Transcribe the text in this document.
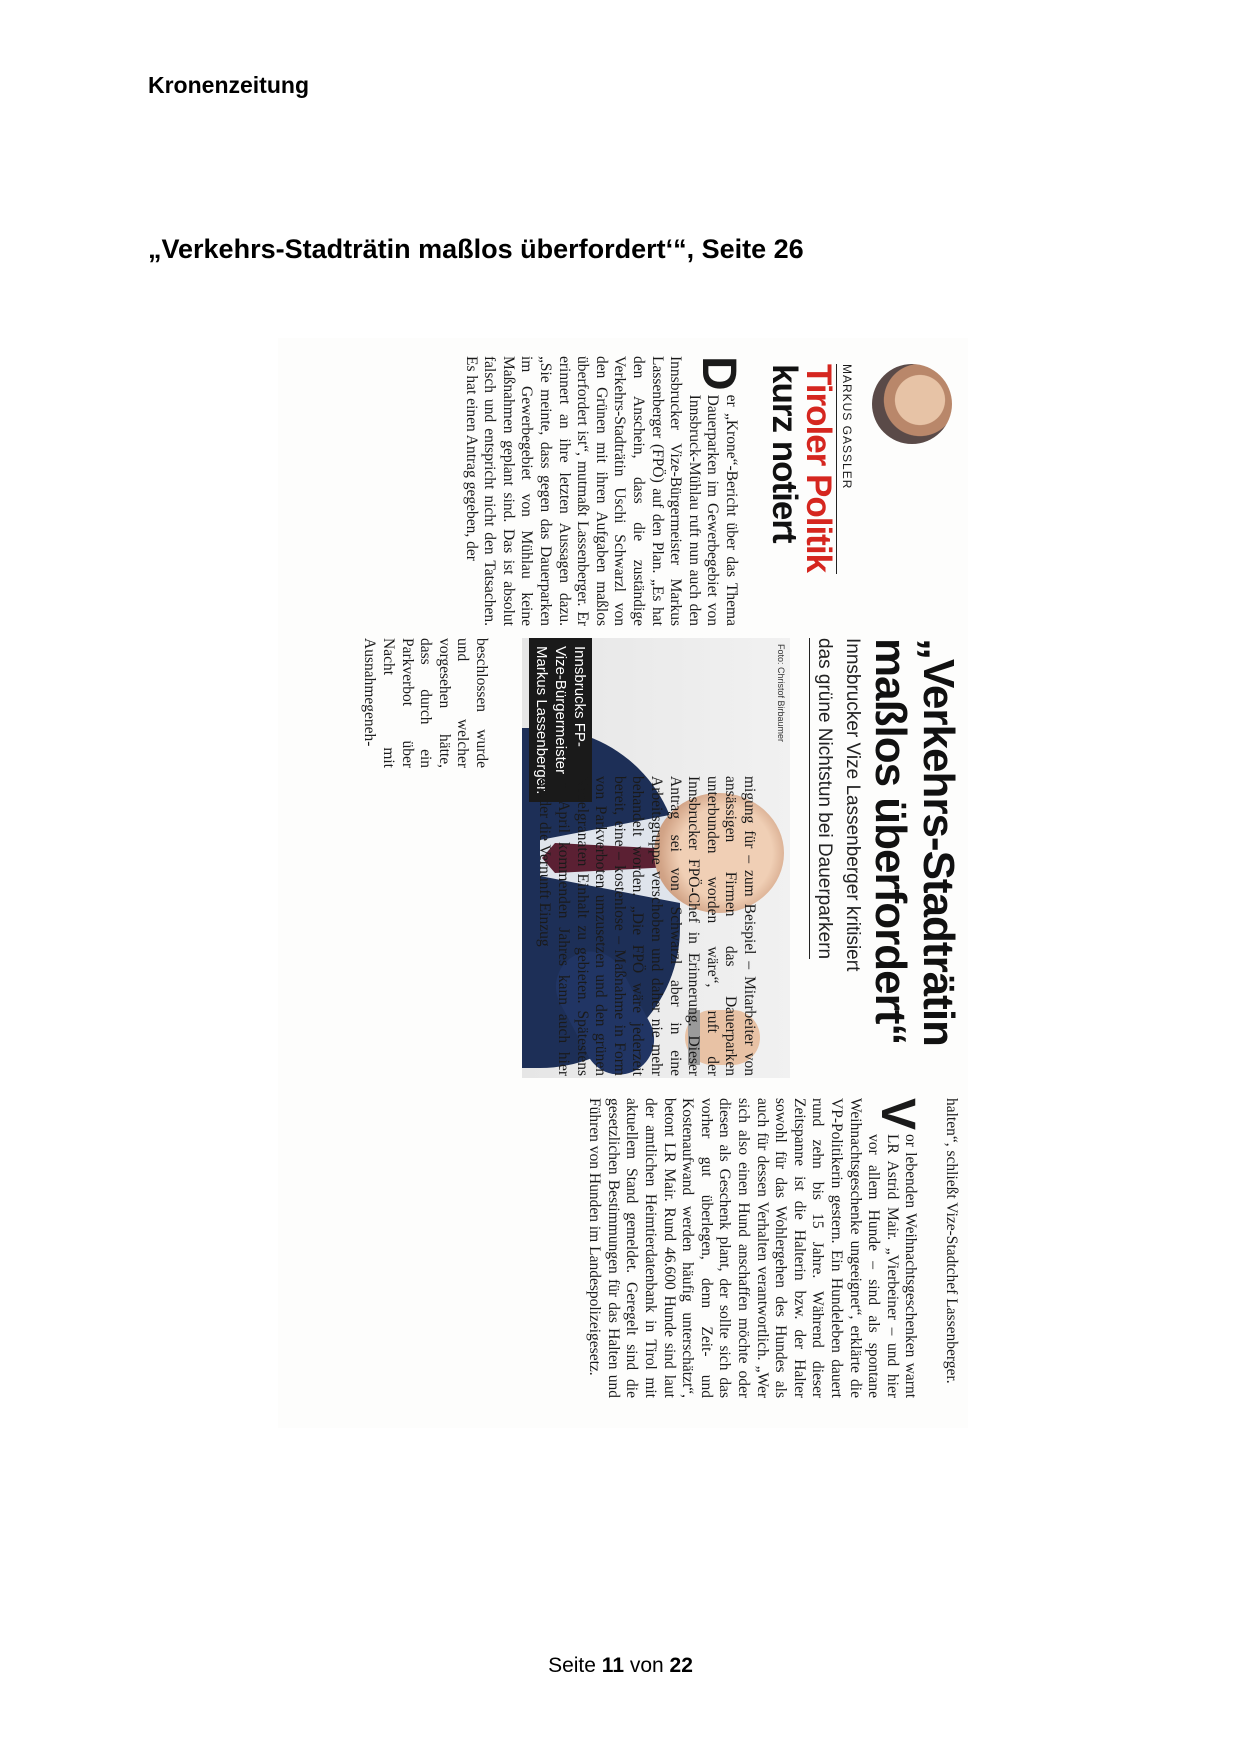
Kronenzeitung
„Verkehrs-Stadträtin maßlos überfordert‘“, Seite 26
MARKUS GASSLER
Tiroler Politik
kurz notiert
„Verkehrs-Stadträtin
maßlos überfordert“
Innsbrucker Vize Lassenberger kritisiert
das grüne Nichtstun bei Dauerparkern
Foto: Christof Birbaumer
Innsbrucks FP-
Vize-Bürgermeister
Markus Lassenberger.
D
er „Krone“-Bericht über das Thema Dauerparken im Gewerbegebiet von Innsbruck-Mühlau ruft nun auch den Innsbrucker Vize-Bürgermeister Markus Lassenberger (FPÖ) auf den Plan. „Es hat den Anschein, dass die zuständige Verkehrs-Stadträtin Uschi Schwarzl von den Grünen mit ihren Aufgaben maßlos überfordert ist“, mutmaßt Lassenberger. Er erinnert an ihre letzten Aussagen dazu. „Sie meinte, dass gegen das Dauerparken im Gewerbegebiet von Mühlau keine Maßnahmen geplant sind. Das ist absolut falsch und entspricht nicht den Tatsachen. Es hat einen Antrag gegeben, der
beschlossen wurde und welcher vorgesehen hätte, dass durch ein Parkverbot über Nacht mit Ausnahmegeneh-
migung für – zum Beispiel – Mitarbeiter von ansässigen Firmen das Dauerparken unterbunden worden wäre“, ruft der Innsbrucker FPÖ-Chef in Erinnerung. Dieser Antrag sei von Schwarzl aber in eine Arbeitsgruppe verschoben und daher nie mehr behandelt worden. „Die FPÖ wäre jederzeit bereit, eine – kostenlose – Maßnahme in Form von Parkverboten umzusetzen und den grünen Nebelgranaten Einhalt zu gebieten. Spätestens im April kommenden Jahres kann auch hier wieder die Vernunft Einzug
halten“, schließt Vize-Stadtchef Lassenberger.
V
or lebenden Weihnachtsgeschenken warnt LR Astrid Mair. „Vierbeiner – und hier vor allem Hunde – sind als spontane Weihnachtsgeschenke ungeeignet“, erklärte die VP-Politikerin gestern. Ein Hundeleben dauert rund zehn bis 15 Jahre. Während dieser Zeitspanne ist die Halterin bzw. der Halter sowohl für das Wohlergehen des Hundes als auch für dessen Verhalten verantwortlich. „Wer sich also einen Hund anschaffen möchte oder diesen als Geschenk plant, der sollte sich das vorher gut überlegen, denn Zeit- und Kostenaufwand werden häufig unterschätzt“, betont LR Mair. Rund 46.600 Hunde sind laut der amtlichen Heimtierdatenbank in Tirol mit aktuellem Stand gemeldet. Geregelt sind die gesetzlichen Bestimmungen für das Halten und Führen von Hunden im Landespolizeigesetz.
Seite 11 von 22
